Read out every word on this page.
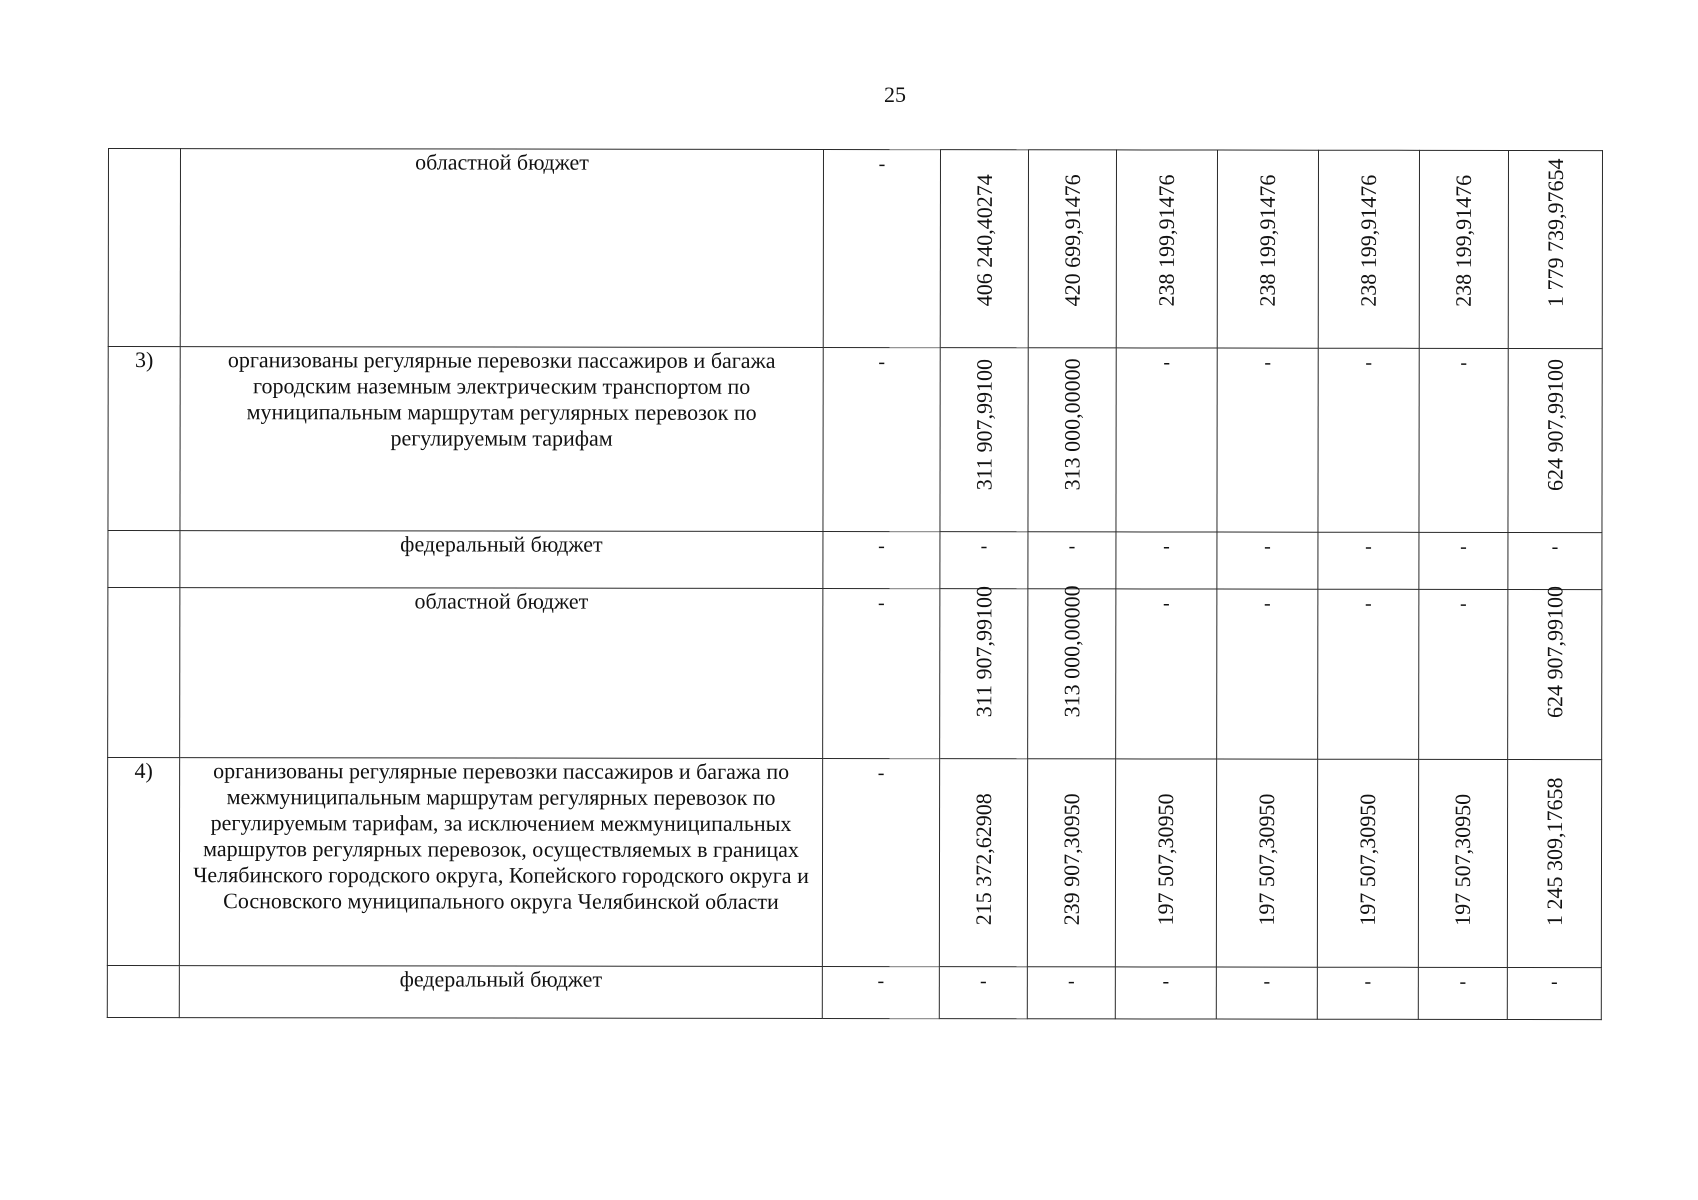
25
	областной бюджет	-	406 240,40274	420 699,91476	238 199,91476	238 199,91476	238 199,91476	238 199,91476	1 779 739,97654

3)	организованы регулярные перевозки пассажиров и багажа городским наземным электрическим транспортом по муниципальным маршрутам регулярных перевозок по регулируемым тарифам	-	311 907,99100	313 000,00000	-	-	-	-	624 907,99100

	федеральный бюджет	-	-	-	-	-	-	-	-
	областной бюджет	-	311 907,99100	313 000,00000	-	-	-	-	624 907,99100

4)	организованы регулярные перевозки пассажиров и багажа по межмуниципальным маршрутам регулярных перевозок по регулируемым тарифам, за исключением межмуниципальных маршрутов регулярных перевозок, осуществляемых в границах Челябинского городского округа, Копейского городского округа и Сосновского муниципального округа Челябинской области	-	215 372,62908	239 907,30950	197 507,30950	197 507,30950	197 507,30950	197 507,30950	1 245 309,17658

	федеральный бюджет	-	-	-	-	-	-	-	-
